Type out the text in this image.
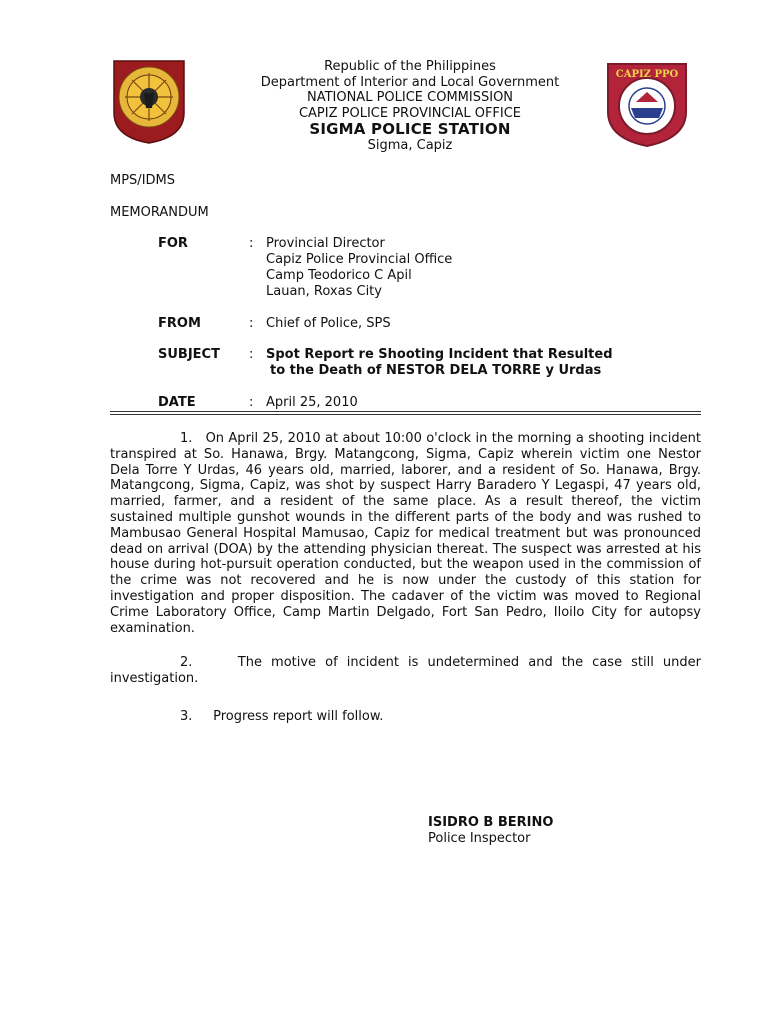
CAPIZ PPO
Republic of the Philippines
Department of Interior and Local Government
NATIONAL POLICE COMMISSION
CAPIZ POLICE PROVINCIAL OFFICE
SIGMA POLICE STATION
Sigma, Capiz
MPS/IDMS
MEMORANDUM
FOR	: Provincial Director
Capiz Police Provincial Office
Camp Teodorico C Apil
Lauan, Roxas City
FROM	: Chief of Police, SPS
SUBJECT : Spot Report re Shooting Incident that Resulted
to the Death of NESTOR DELA TORRE y Urdas
DATE	: April 25, 2010
1. On April 25, 2010 at about 10:00 o'clock in the morning a shooting incident transpired at So. Hanawa, Brgy. Matangcong, Sigma, Capiz wherein victim one Nestor Dela Torre Y Urdas, 46 years old, married, laborer, and a resident of So. Hanawa, Brgy. Matangcong, Sigma, Capiz, was shot by suspect Harry Baradero Y Legaspi, 47 years old, married, farmer, and a resident of the same place. As a result thereof, the victim sustained multiple gunshot wounds in the different parts of the body and was rushed to Mambusao General Hospital Mamusao, Capiz for medical treatment but was pronounced dead on arrival (DOA) by the attending physician thereat. The suspect was arrested at his house during hot-pursuit operation conducted, but the weapon used in the commission of the crime was not recovered and he is now under the custody of this station for investigation and proper disposition. The cadaver of the victim was moved to Regional Crime Laboratory Office, Camp Martin Delgado, Fort San Pedro, Iloilo City for autopsy examination.
2.	The motive of incident is undetermined and the case still under investigation.
3. Progress report will follow.
ISIDRO B BERINO
Police Inspector
